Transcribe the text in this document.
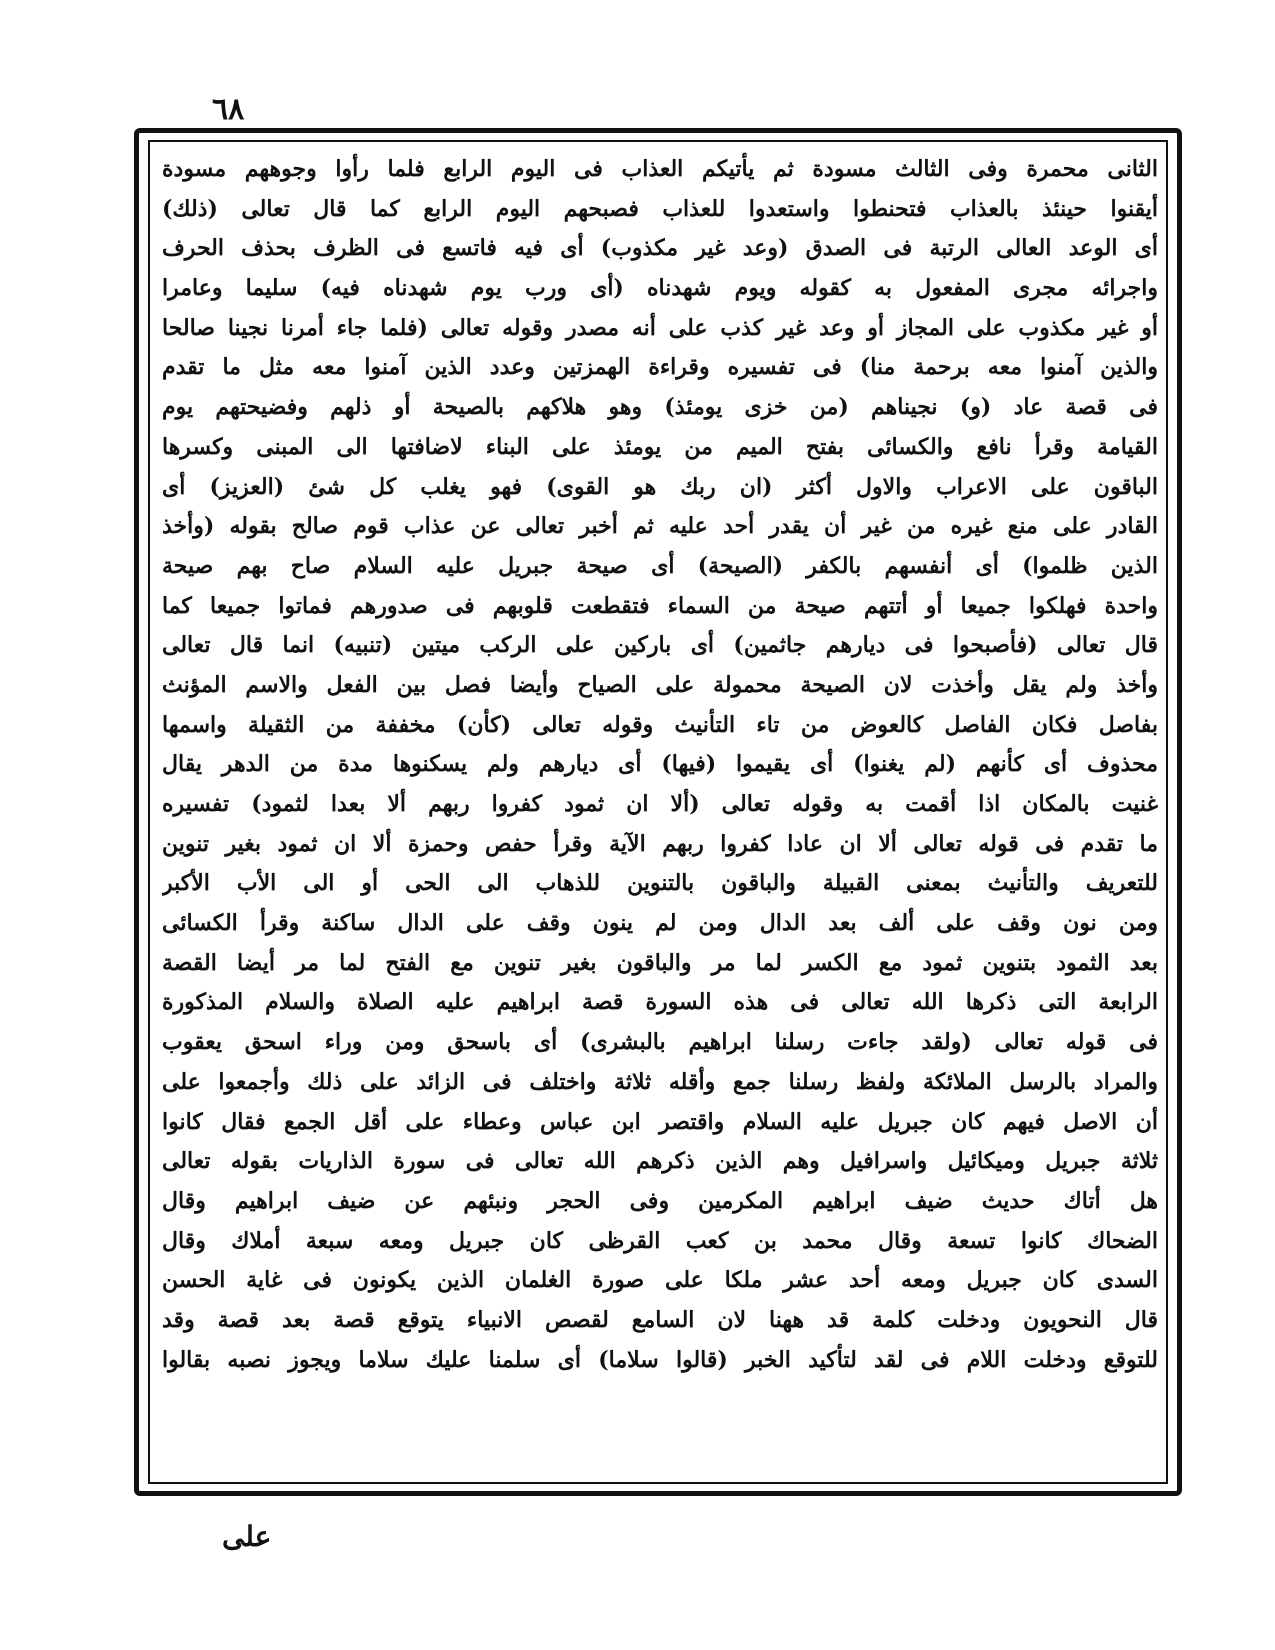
٦٨
الثانى محمرة وفى الثالث مسودة ثم يأتيكم العذاب فى اليوم الرابع فلما رأوا وجوههم مسودة
أيقنوا حينئذ بالعذاب فتحنطوا واستعدوا للعذاب فصبحهم اليوم الرابع كما قال تعالى (ذلك)
أى الوعد العالى الرتبة فى الصدق (وعد غير مكذوب) أى فيه فاتسع فى الظرف بحذف الحرف
واجرائه مجرى المفعول به كقوله ويوم شهدناه (أى ورب يوم شهدناه فيه) سليما وعامرا
أو غير مكذوب على المجاز أو وعد غير كذب على أنه مصدر وقوله تعالى (فلما جاء أمرنا نجينا صالحا
والذين آمنوا معه برحمة منا) فى تفسيره وقراءة الهمزتين وعدد الذين آمنوا معه مثل ما تقدم
فى قصة عاد (و) نجيناهم (من خزى يومئذ) وهو هلاكهم بالصيحة أو ذلهم وفضيحتهم يوم
القيامة وقرأ نافع والكسائى بفتح الميم من يومئذ على البناء لاضافتها الى المبنى وكسرها
الباقون على الاعراب والاول أكثر (ان ربك هو القوى) فهو يغلب كل شئ (العزيز) أى
القادر على منع غيره من غير أن يقدر أحد عليه ثم أخبر تعالى عن عذاب قوم صالح بقوله (وأخذ
الذين ظلموا) أى أنفسهم بالكفر (الصيحة) أى صيحة جبريل عليه السلام صاح بهم صيحة
واحدة فهلكوا جميعا أو أتتهم صيحة من السماء فتقطعت قلوبهم فى صدورهم فماتوا جميعا كما
قال تعالى (فأصبحوا فى ديارهم جاثمين) أى باركين على الركب ميتين (تنبيه) انما قال تعالى
وأخذ ولم يقل وأخذت لان الصيحة محمولة على الصياح وأيضا فصل بين الفعل والاسم المؤنث
بفاصل فكان الفاصل كالعوض من تاء التأنيث وقوله تعالى (كأن) مخففة من الثقيلة واسمها
محذوف أى كأنهم (لم يغنوا) أى يقيموا (فيها) أى ديارهم ولم يسكنوها مدة من الدهر يقال
غنيت بالمكان اذا أقمت به وقوله تعالى (ألا ان ثمود كفروا ربهم ألا بعدا لثمود) تفسيره
ما تقدم فى قوله تعالى ألا ان عادا كفروا ربهم الآية وقرأ حفص وحمزة ألا ان ثمود بغير تنوين
للتعريف والتأنيث بمعنى القبيلة والباقون بالتنوين للذهاب الى الحى أو الى الأب الأكبر
ومن نون وقف على ألف بعد الدال ومن لم ينون وقف على الدال ساكنة وقرأ الكسائى
بعد الثمود بتنوين ثمود مع الكسر لما مر والباقون بغير تنوين مع الفتح لما مر أيضا القصة
الرابعة التى ذكرها الله تعالى فى هذه السورة قصة ابراهيم عليه الصلاة والسلام المذكورة
فى قوله تعالى (ولقد جاءت رسلنا ابراهيم بالبشرى) أى باسحق ومن وراء اسحق يعقوب
والمراد بالرسل الملائكة ولفظ رسلنا جمع وأقله ثلاثة واختلف فى الزائد على ذلك وأجمعوا على
أن الاصل فيهم كان جبريل عليه السلام واقتصر ابن عباس وعطاء على أقل الجمع فقال كانوا
ثلاثة جبريل وميكائيل واسرافيل وهم الذين ذكرهم الله تعالى فى سورة الذاريات بقوله تعالى
هل أتاك حديث ضيف ابراهيم المكرمين وفى الحجر ونبئهم عن ضيف ابراهيم وقال
الضحاك كانوا تسعة وقال محمد بن كعب القرظى كان جبريل ومعه سبعة أملاك وقال
السدى كان جبريل ومعه أحد عشر ملكا على صورة الغلمان الذين يكونون فى غاية الحسن
قال النحويون ودخلت كلمة قد ههنا لان السامع لقصص الانبياء يتوقع قصة بعد قصة وقد
للتوقع ودخلت اللام فى لقد لتأكيد الخبر (قالوا سلاما) أى سلمنا عليك سلاما ويجوز نصبه بقالوا
على
